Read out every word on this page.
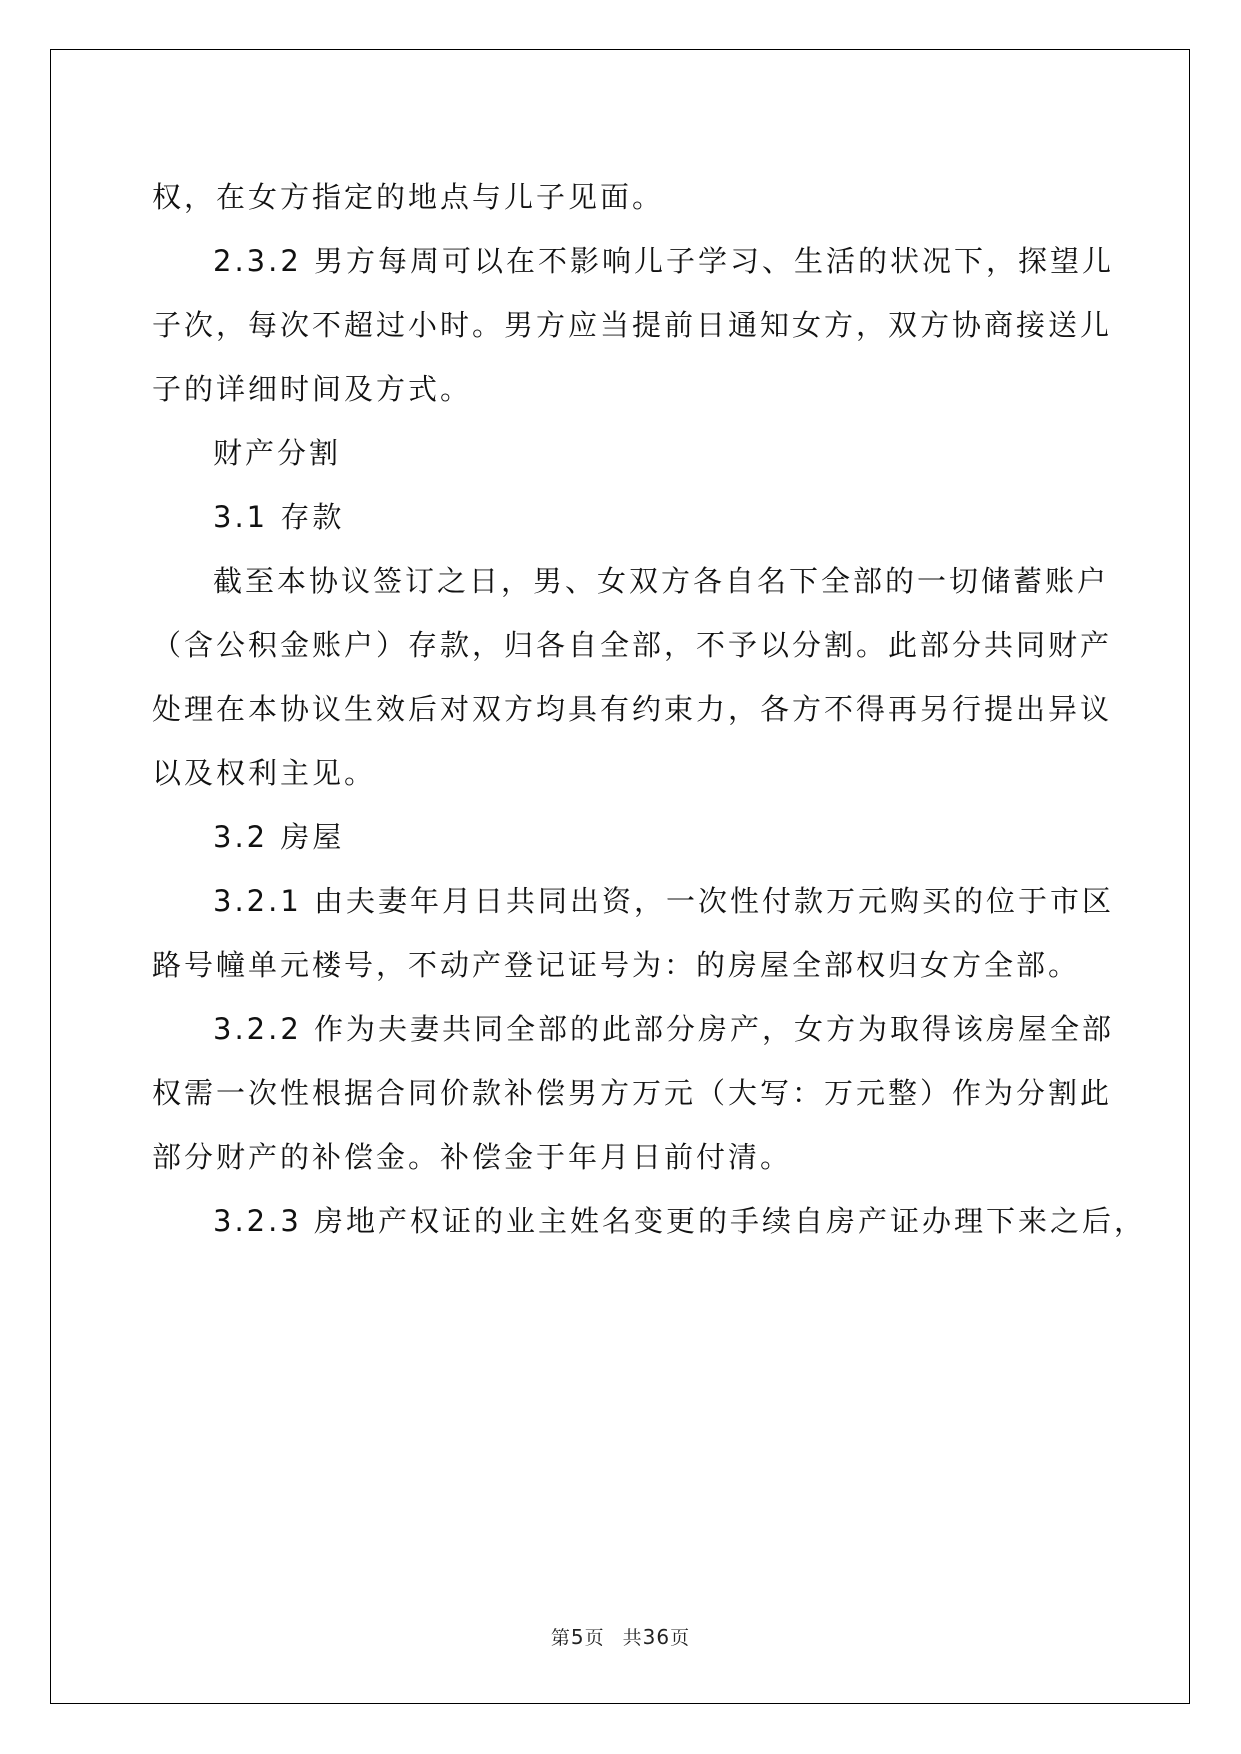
权，在女方指定的地点与儿子见面。

2.3.2 男方每周可以在不影响儿子学习、生活的状况下，探望儿
子次，每次不超过小时。男方应当提前日通知女方，双方协商接送儿
子的详细时间及方式。

财产分割

3.1 存款

截至本协议签订之日，男、女双方各自名下全部的一切储蓄账户
（含公积金账户）存款，归各自全部，不予以分割。此部分共同财产
处理在本协议生效后对双方均具有约束力，各方不得再另行提出异议
以及权利主见。

3.2 房屋

3.2.1 由夫妻年月日共同出资，一次性付款万元购买的位于市区
路号幢单元楼号，不动产登记证号为：的房屋全部权归女方全部。

3.2.2 作为夫妻共同全部的此部分房产，女方为取得该房屋全部
权需一次性根据合同价款补偿男方万元（大写：万元整）作为分割此
部分财产的补偿金。补偿金于年月日前付清。

3.2.3 房地产权证的业主姓名变更的手续自房产证办理下来之后，

第5页 共36页
